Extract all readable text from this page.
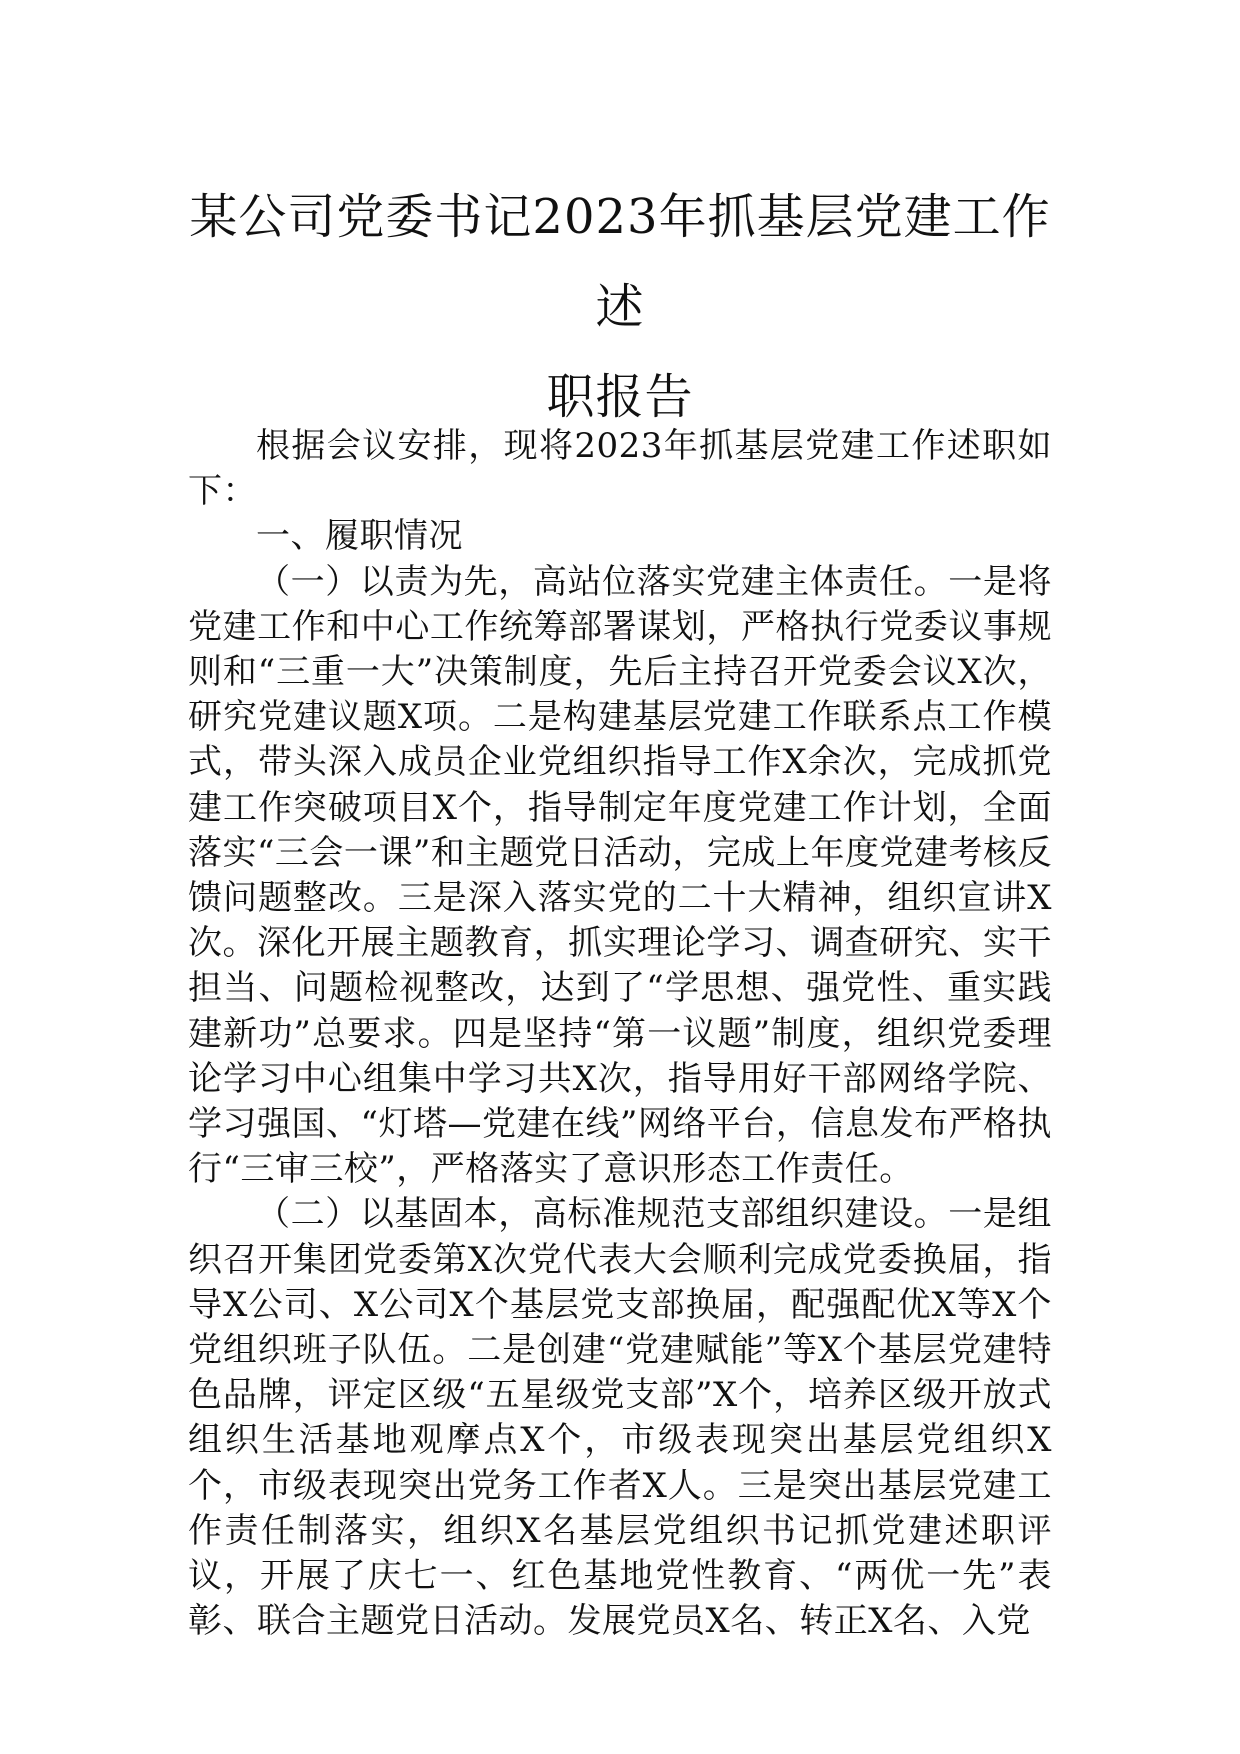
某公司党委书记2023年抓基层党建工作述
职报告

根据会议安排，现将2023年抓基层党建工作述职如下：

一、履职情况

（一）以责为先，高站位落实党建主体责任。一是将党建工作和中心工作统筹部署谋划，严格执行党委议事规则和“三重一大”决策制度，先后主持召开党委会议X次，研究党建议题X项。二是构建基层党建工作联系点工作模式，带头深入成员企业党组织指导工作X余次，完成抓党建工作突破项目X个，指导制定年度党建工作计划，全面落实“三会一课”和主题党日活动，完成上年度党建考核反馈问题整改。三是深入落实党的二十大精神，组织宣讲X次。深化开展主题教育，抓实理论学习、调查研究、实干担当、问题检视整改，达到了“学思想、强党性、重实践建新功”总要求。四是坚持“第一议题”制度，组织党委理论学习中心组集中学习共X次，指导用好干部网络学院、学习强国、“灯塔—党建在线”网络平台，信息发布严格执行“三审三校”，严格落实了意识形态工作责任。

（二）以基固本，高标准规范支部组织建设。一是组织召开集团党委第X次党代表大会顺利完成党委换届，指导X公司、X公司X个基层党支部换届，配强配优X等X个党组织班子队伍。二是创建“党建赋能”等X个基层党建特色品牌，评定区级“五星级党支部”X个，培养区级开放式组织生活基地观摩点X个，市级表现突出基层党组织X个，市级表现突出党务工作者X人。三是突出基层党建工作责任制落实，组织X名基层党组织书记抓党建述职评议，开展了庆七一、红色基地党性教育、“两优一先”表彰、联合主题党日活动。发展党员X名、转正X名、入党
